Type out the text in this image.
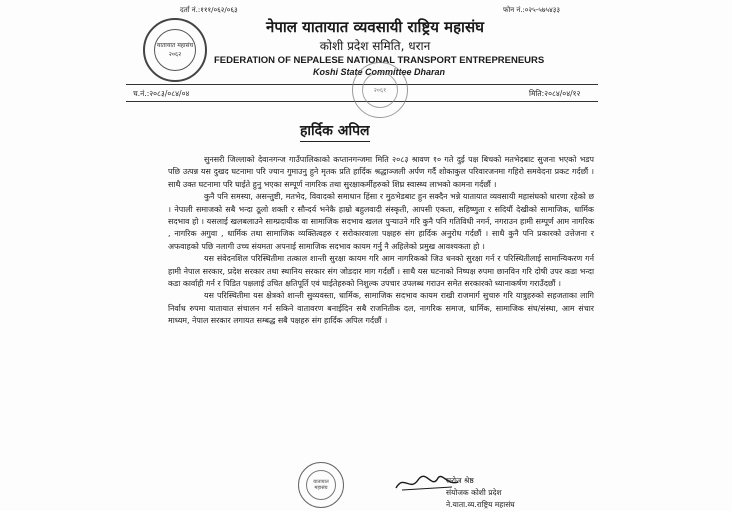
दर्ता नं.:१११/०६२/०६३	फोन नं.:०२५-५७५४३३
यातायात महासंघ
२०६२
नेपाल यातायात व्यवसायी राष्ट्रिय महासंघ
कोशी प्रदेश समिति, धरान
FEDERATION OF NEPALESE NATIONAL TRANSPORT ENTREPRENEURS
Koshi State Committee Dharan
च.नं.:२०८३/०८४/०४	मिति:२०८४/०४/१२
२०६१
हार्दिक अपिल

सुनसरी जिल्लाको देवानगन्ज गाउँपालिकाको कप्तानगन्जमा मिति २०८३ श्रावण १० गते दुई पक्ष बिचको मतभेदबाट सुजना भएको भडप पछि उत्पन्न यस दुखद घटनामा परि ज्यान गुमाउनु हुने मृतक प्रति हार्दिक श्रद्धाञ्जली अर्पण गर्दै शोकाकुल परिवारजनमा गहिरो समवेदना प्रकट गर्दछौं । साथै उक्त घटनामा परि घाईते हुनु भएका सम्पूर्ण नागरिक तथा सुरक्षाकर्मीहरुको शिघ्र स्वास्थ्य लाभको कामना गर्दछौं ।

कुनै पनि समस्या, असन्तुष्टी, मतभेद, विवादको समाधान हिंसा र मुठभेडबाट हुन सक्दैन भन्ने यातायात व्यवसायी महासंघको धारणा रहेको छ । नेपाली समाजको सबै भन्दा ठूलो शक्ती र सौन्दर्य भनेकै हाम्रो बहुलवादी संस्कृती, आपसी एकता, सहिष्णुता र सदियौं देखीको सामाजिक, धार्मिक सदभाव हो । यसलाई खलबलाउने साम्प्रदायीक वा सामाजिक सदभाव खलल पुऱ्याउने गरि कुनै पनि गतिविधी नगर्न, नगराउन हामी सम्पूर्ण आम नागरिक , नागरिक अगुवा , धार्मिक तथा सामाजिक व्यक्तित्वहरु र सरोकारवाला पक्षहरु संग हार्दिक अनुरोध गर्दछौं । साथै कुनै पनि प्रकारको उत्तेजना र अफवाहको पछि नलागी उच्च संयमता अपनाई सामाजिक सदभाव कायम गर्नु नै अहिलेको प्रमुख आवश्यकता हो ।

यस संवेदनशिल परिस्थितीमा तत्काल शान्ती सुरक्षा कायम गरि आम नागरिकको जिउ धनको सुरक्षा गर्न र परिस्थितीलाई सामान्यिकरण गर्न हामी नेपाल सरकार, प्रदेश सरकार तथा स्थानिय सरकार संग जोडदार माग गर्दछौं । साथै यस घटनाको निष्पक्ष रुपमा छानविन गरि दोषी उपर कडा भन्दा कडा कार्वाही गर्न र पिडित पक्षलाई उचित क्षतिपूर्ति एवं घाईतेहरुको निशुल्क उपचार उपलब्ध गराउन समेत सरकारको ध्यानाकर्षण गराउँदछौं ।

यस परिस्थितीमा यस क्षेत्रको शान्ती सुव्यवस्ता, धार्मिक, सामाजिक सदभाव कायम राखी राजमार्ग सुचारु गरि यात्रुहरुको सहजताका लागि निर्वाध रुपमा यातायात संचालन गर्न सकिने वातावरण बनाईदिन सबै राजनितीक दल, नागरिक समाज, धार्मिक, सामाजिक संघ/संस्था, आम संचार माध्यम, नेपाल सरकार लगायत सम्बद्ध सबै पक्षहरु संग हार्दिक अपिल गर्दछौं ।

यातायात महासंघ
सरोज श्रेष्ठ
संयोजक कोशी प्रदेश
ने.याता.व्य.राष्ट्रिय महासंघ
